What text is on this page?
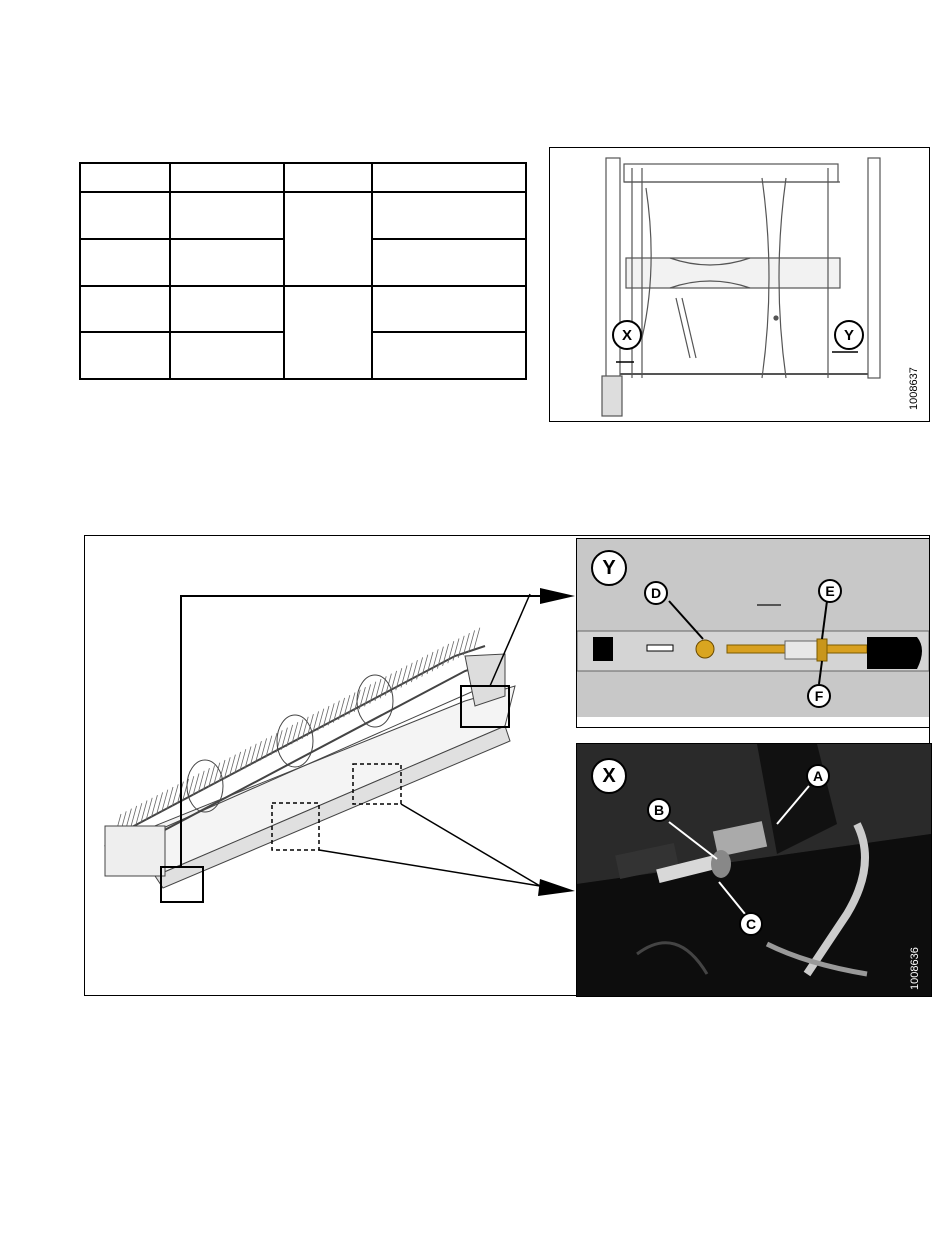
X	Y
1008637
Y
D	E
F
X	A
B
C
1008636
